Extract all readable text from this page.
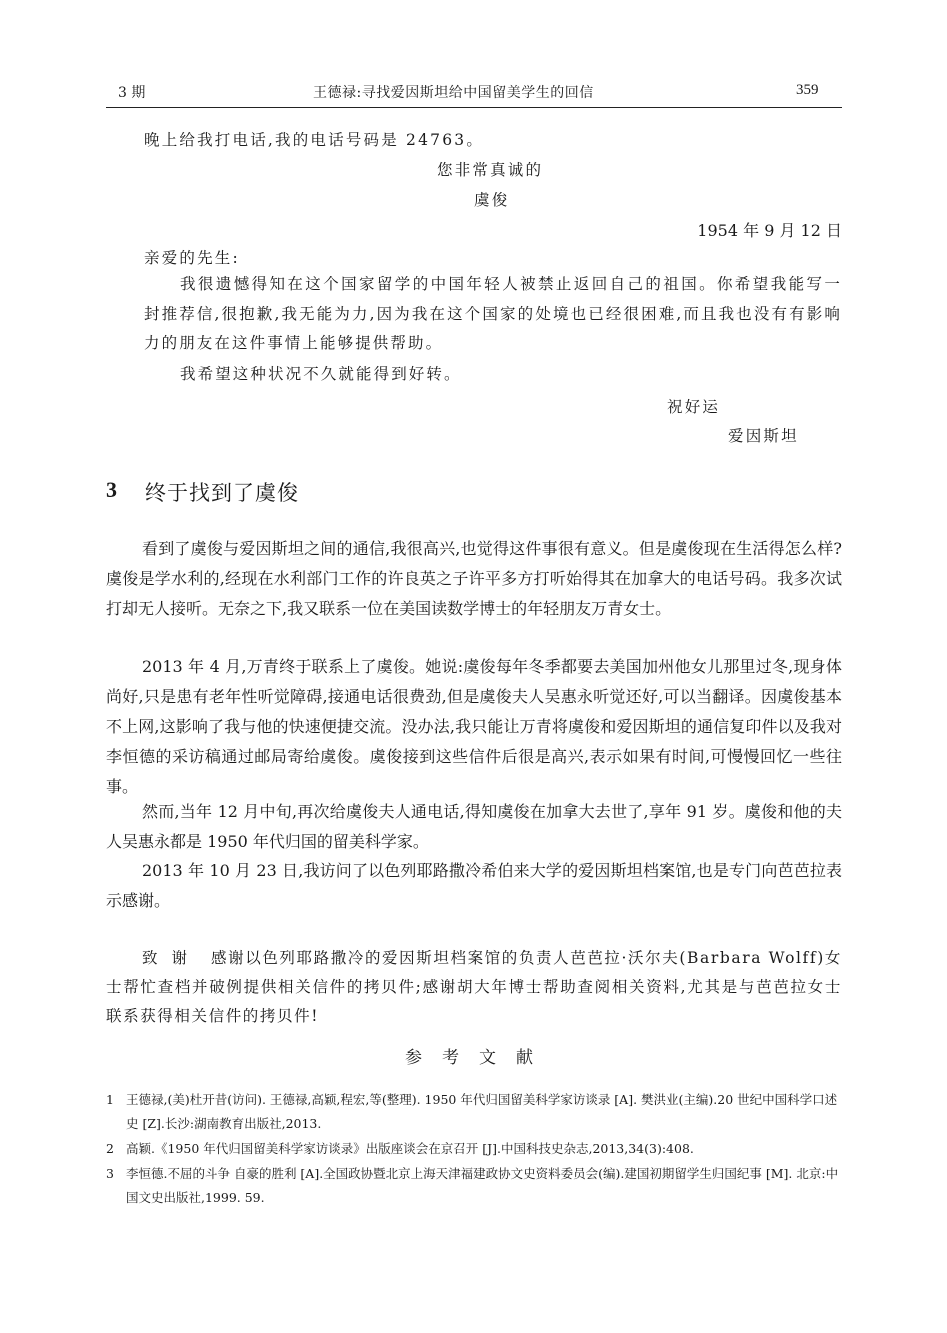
3 期	王德禄:寻找爱因斯坦给中国留美学生的回信	359
晚上给我打电话,我的电话号码是 24763。
您非常真诚的
虞俊
1954 年 9 月 12 日
亲爱的先生:
我很遗憾得知在这个国家留学的中国年轻人被禁止返回自己的祖国。你希望我能写一封推荐信,很抱歉,我无能为力,因为我在这个国家的处境也已经很困难,而且我也没有有影响力的朋友在这件事情上能够提供帮助。
我希望这种状况不久就能得到好转。
祝好运
爱因斯坦
3 终于找到了虞俊
看到了虞俊与爱因斯坦之间的通信,我很高兴,也觉得这件事很有意义。但是虞俊现在生活得怎么样? 虞俊是学水利的,经现在水利部门工作的许良英之子许平多方打听始得其在加拿大的电话号码。我多次试打却无人接听。无奈之下,我又联系一位在美国读数学博士的年轻朋友万青女士。
2013 年 4 月,万青终于联系上了虞俊。她说:虞俊每年冬季都要去美国加州他女儿那里过冬,现身体尚好,只是患有老年性听觉障碍,接通电话很费劲,但是虞俊夫人吴惠永听觉还好,可以当翻译。因虞俊基本不上网,这影响了我与他的快速便捷交流。没办法,我只能让万青将虞俊和爱因斯坦的通信复印件以及我对李恒德的采访稿通过邮局寄给虞俊。虞俊接到这些信件后很是高兴,表示如果有时间,可慢慢回忆一些往事。
然而,当年 12 月中旬,再次给虞俊夫人通电话,得知虞俊在加拿大去世了,享年 91 岁。虞俊和他的夫人吴惠永都是 1950 年代归国的留美科学家。
2013 年 10 月 23 日,我访问了以色列耶路撒冷希伯来大学的爱因斯坦档案馆,也是专门向芭芭拉表示感谢。
致谢 感谢以色列耶路撒冷的爱因斯坦档案馆的负责人芭芭拉·沃尔夫(Barbara Wolff)女士帮忙查档并破例提供相关信件的拷贝件;感谢胡大年博士帮助查阅相关资料,尤其是与芭芭拉女士联系获得相关信件的拷贝件!
参考文献
1 王德禄,(美)杜开昔(访问). 王德禄,高颖,程宏,等(整理). 1950 年代归国留美科学家访谈录 [A]. 樊洪业(主编).20 世纪中国科学口述史 [Z].长沙:湖南教育出版社,2013.
2 高颖.《1950 年代归国留美科学家访谈录》出版座谈会在京召开 [J].中国科技史杂志,2013,34(3):408.
3 李恒德.不屈的斗争 自豪的胜利 [A].全国政协暨北京上海天津福建政协文史资料委员会(编).建国初期留学生归国纪事 [M]. 北京:中国文史出版社,1999. 59.
